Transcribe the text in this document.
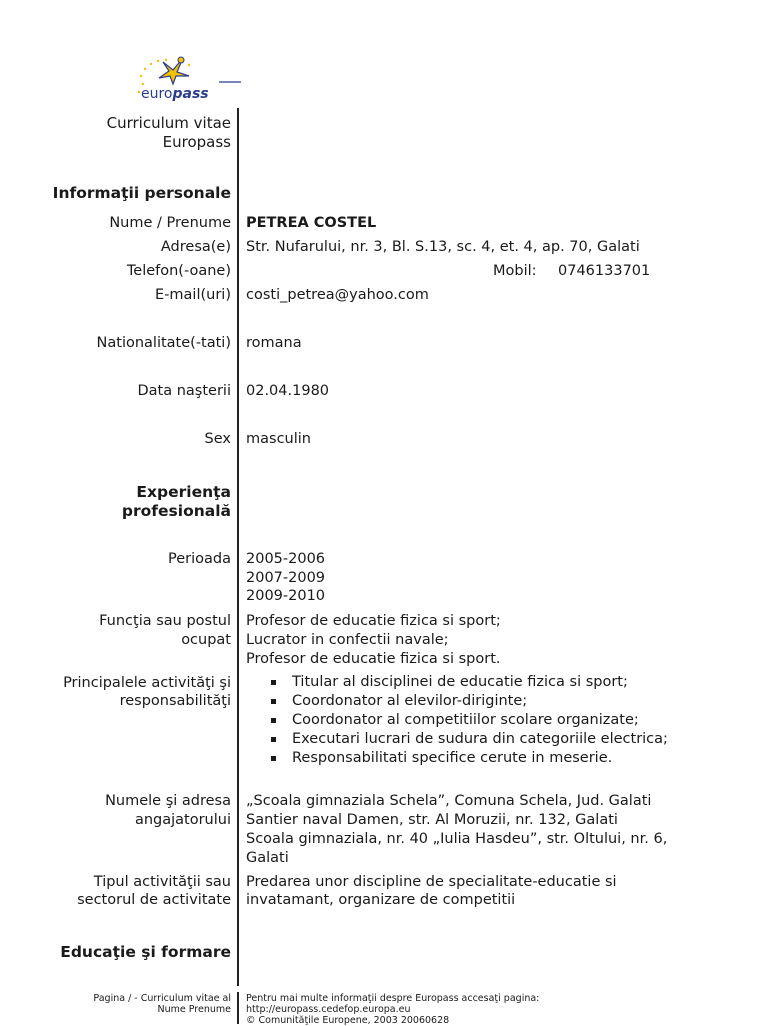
europass
Curriculum vitae
Europass
Informaţii personale
Nume / Prenume PETREA COSTEL
Adresa(e) Str. Nufarului, nr. 3, Bl. S.13, sc. 4, et. 4, ap. 70, Galati
Telefon(-oane)	Mobil: 0746133701
E-mail(uri) costi_petrea@yahoo.com
Nationalitate(-tati) romana
Data naşterii 02.04.1980
Sex masculin
Experienţa
profesională
Perioada 2005-2006
2007-2009
2009-2010
Funcţia sau postul
ocupat
Profesor de educatie fizica si sport;
Lucrator in confectii navale;
Profesor de educatie fizica si sport.
Principalele activităţi şi
responsabilităţi
Titular al disciplinei de educatie fizica si sport;
Coordonator al elevilor-diriginte;
Coordonator al competitiilor scolare organizate;
Executari lucrari de sudura din categoriile electrica;
Responsabilitati specifice cerute in meserie.
Numele şi adresa
angajatorului
„Scoala gimnaziala Schela”, Comuna Schela, Jud. Galati
Santier naval Damen, str. Al Moruzii, nr. 132, Galati
Scoala gimnaziala, nr. 40 „Iulia Hasdeu”, str. Oltului, nr. 6,
Galati
Tipul activităţii sau
sectorul de activitate
Predarea unor discipline de specialitate-educatie si
invatamant, organizare de competitii
Educaţie şi formare
Pagina / - Curriculum vitae al
Nume Prenume
Pentru mai multe informaţii despre Europass accesaţi pagina:
http://europass.cedefop.europa.eu
© Comunităţile Europene, 2003 20060628
